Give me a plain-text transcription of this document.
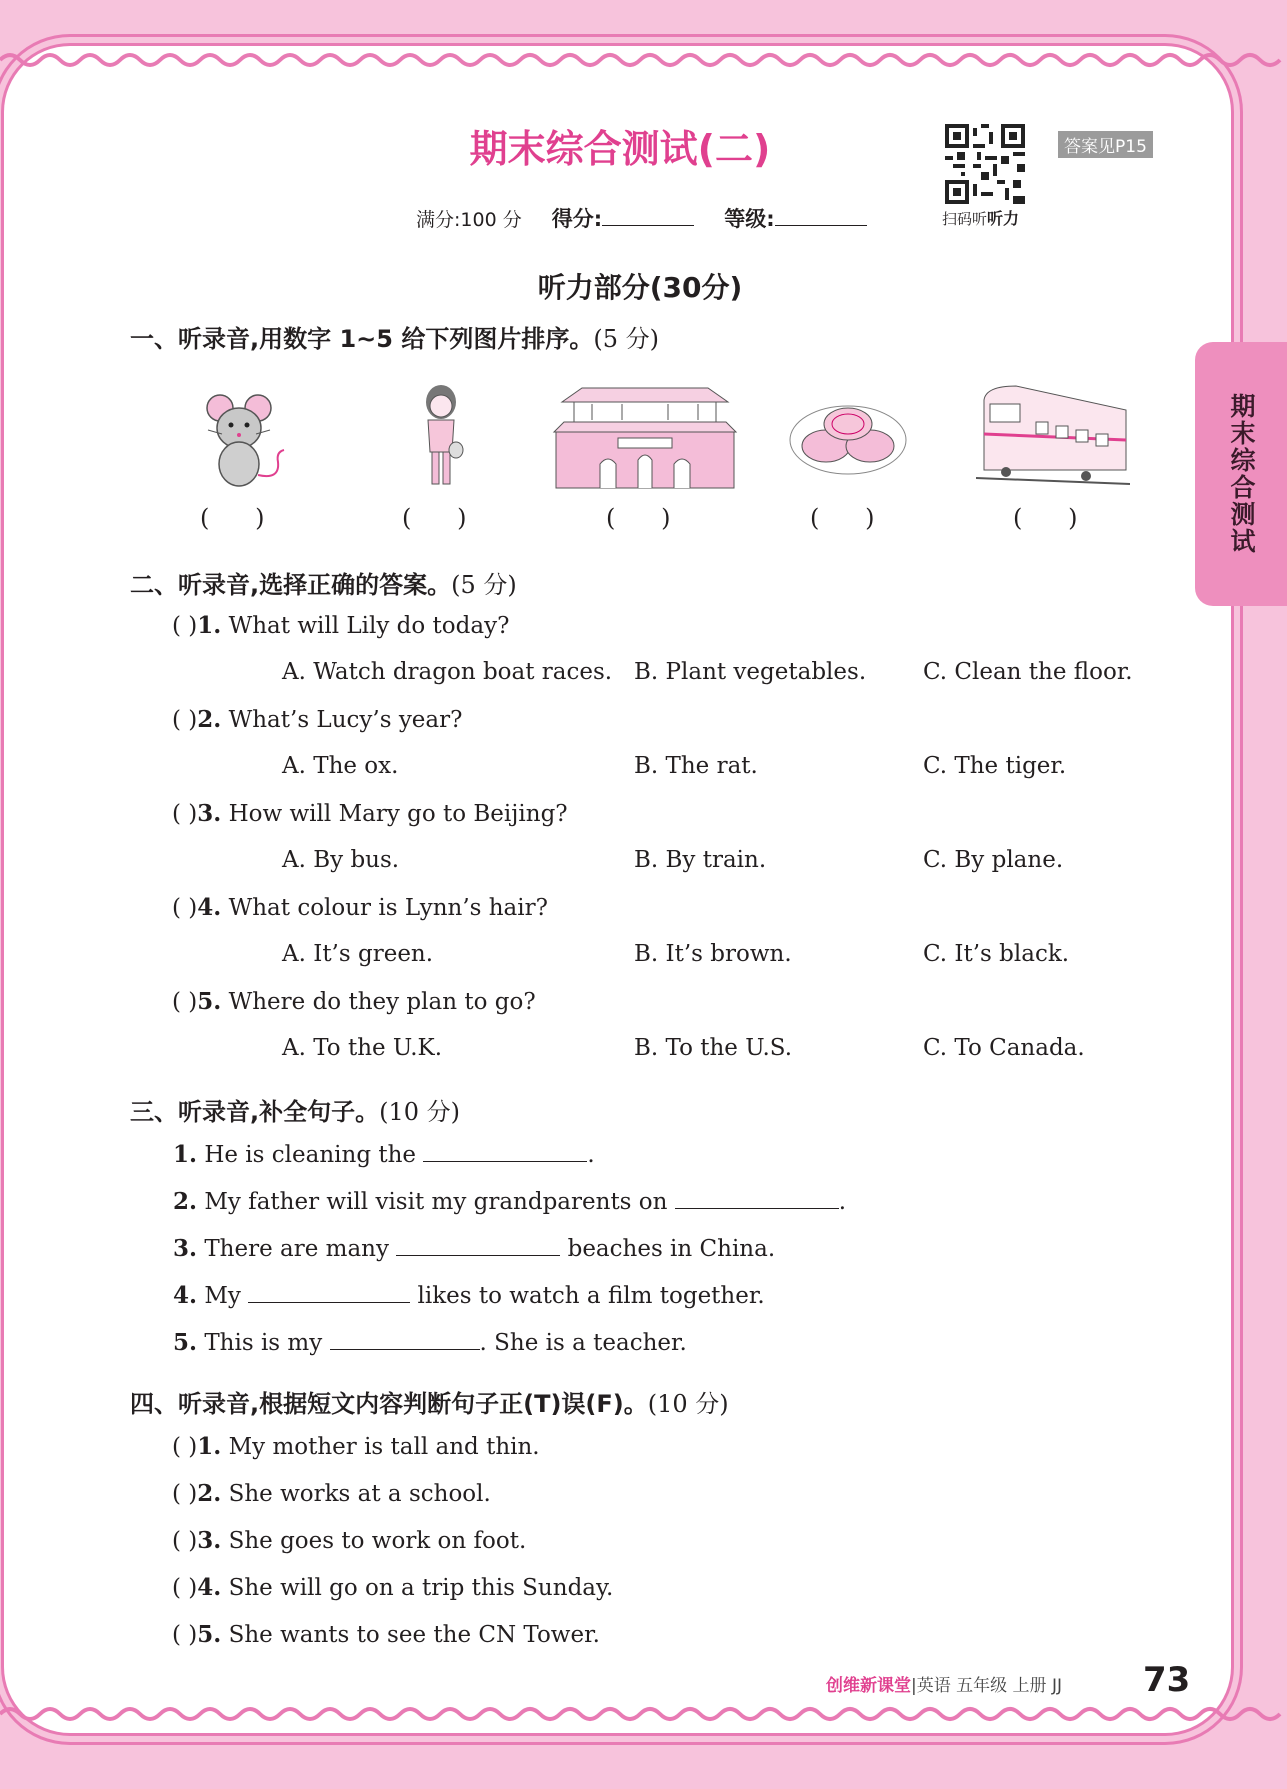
期末综合测试
期末综合测试(二)
扫码听听力
答案见P15
满分:100 分 得分:	等级:
听力部分(30分)
一、听录音,用数字 1~5 给下列图片排序。(5 分)
(      )	(      )	(      )	(      )	(      )
二、听录音,选择正确的答案。(5 分)
( )1. What will Lily do today?
A. Watch dragon boat races. B. Plant vegetables. C. Clean the floor.
( )2. What’s Lucy’s year?
A. The ox.	B. The rat.	C. The tiger.
( )3. How will Mary go to Beijing?
A. By bus.	B. By train.	C. By plane.
( )4. What colour is Lynn’s hair?
A. It’s green.	B. It’s brown.	C. It’s black.
( )5. Where do they plan to go?
A. To the U.K.	B. To the U.S.	C. To Canada.
三、听录音,补全句子。(10 分)
1. He is cleaning the	.
2. My father will visit my grandparents on	.
3. There are many	beaches in China.
4. My	likes to watch a film together.
5. This is my	. She is a teacher.
四、听录音,根据短文内容判断句子正(T)误(F)。(10 分)
( )1. My mother is tall and thin.
( )2. She works at a school.
( )3. She goes to work on foot.
( )4. She will go on a trip this Sunday.
( )5. She wants to see the CN Tower.
创维新课堂|英语 五年级 上册 JJ 73
